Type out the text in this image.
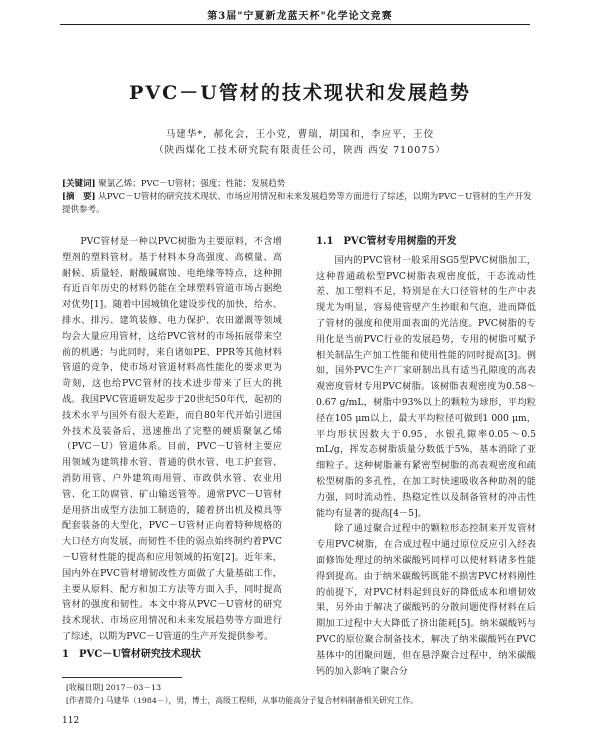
第3届"宁夏新龙蓝天杯"化学论文竞赛
PVC－U管材的技术现状和发展趋势
马建华*，郝化会，王小党，曹瑞，胡国和，李应平，王佼
（陕西煤化工技术研究院有限责任公司，陕西 西安 710075）
[关键词] 聚氯乙烯；PVC－U管材；强度；性能；发展趋势
[摘　要] 从PVC－U管材的研究技术现状、市场应用情况和未来发展趋势等方面进行了综述，以期为PVC－U管材的生产开发提供参考。

PVC管材是一种以PVC树脂为主要原料，不含增塑剂的塑料管材。基于材料本身高强度、高模量、高耐候、质量轻、耐酸碱腐蚀、电绝缘等特点，这种拥有近百年历史的材料仍能在全球塑料管道市场占据绝对优势[1]。随着中国城镇化建设步伐的加快，给水、排水、排污、建筑装修、电力保护、农田灌溉等领域均会大量应用管材，这给PVC管材的市场拓展带来空前的机遇；与此同时，来自诸如PE、PPR等其他材料管道的竞争，使市场对管道材料高性能化的要求更为苛刻，这也给PVC管材的技术进步带来了巨大的挑战。我国PVC管道研发起步于20世纪50年代，起初的技术水平与国外有很大差距，而自80年代开始引进国外技术及装备后，迅速推出了完整的硬质聚氯乙烯（PVC－U）管道体系。目前，PVC－U管材主要应用领域为建筑排水管、普通的供水管、电工护套管、消防用管、户外建筑雨用管、市政供水管、农业用管、化工防腐管、矿山输送管等。通常PVC－U管材是用挤出成型方法加工制造的，随着挤出机及模具等配套装备的大型化，PVC－U管材正向着特种规格的大口径方向发展，而韧性不佳的弱点始终制约着PVC－U管材性能的提高和应用领域的拓宽[2]。近年来，国内外在PVC管材增韧改性方面做了大量基础工作，主要从原料、配方和加工方法等方面入手，同时提高管材的强度和韧性。本文中将从PVC－U管材的研究技术现状、市场应用情况和未来发展趋势等方面进行了综述，以期为PVC－U管道的生产开发提供参考。

1　PVC－U管材研究技术现状
1.1　PVC管材专用树脂的开发

国内的PVC管材一般采用SG5型PVC树脂加工，这种普通疏松型PVC树脂表观密度低，干态流动性差、加工塑料不足，特别是在大口径管材的生产中表现尤为明显，容易使管壁产生抄眼和气泡，进而降低了管材的强度和使用面表面的光洁度。PVC树脂的专用化是当前PVC行业的发展趋势，专用的树脂可赋予相关制品生产加工性能和使用性能的同时提高[3]。例如，国外PVC生产厂家研制出具有适当孔隙度的高表观密度管材专用PVC树脂。该树脂表观密度为0.58～0.67 g/mL，树脂中93%以上的颗粒为球形，平均粒径在105 μm以上，最大平均粒径可做到1 000 μm，平均形状因数大于0.95，水银孔隙率0.05～0.5 mL/g，挥发态树脂质量分数低于5%，基本消除了亚细粒子。这种树脂兼有紧密型树脂的高表观密度和疏松型树脂的多孔性，在加工时快速吸收各种助剂的能力强，同时流动性、热稳定性以及制备管材的冲击性能均有显著的提高[4－5]。

除了通过聚合过程中的颗粒形态控制来开发管材专用PVC树脂，在合成过程中通过原位反应引入经表面修饰处理过的纳米碳酸钙同样可以使材料诸多性能得到提高。由于纳米碳酸钙既能不损害PVC材料刚性的前提下，对PVC材料起到良好的降低成本和增韧效果，另外由于解决了碳酸钙的分散问题使得材料在后期加工过程中大大降低了挤出能耗[5]。纳米碳酸钙与PVC的原位聚合制备技术，解决了纳米碳酸钙在PVC基体中的团聚问题，但在悬浮聚合过程中，纳米碳酸钙的加入影响了聚合分

[收稿日期] 2017－03－13
[作者简介] 马建华（1984－），男，博士，高级工程师，从事功能高分子复合材料制备相关研究工作。
112
